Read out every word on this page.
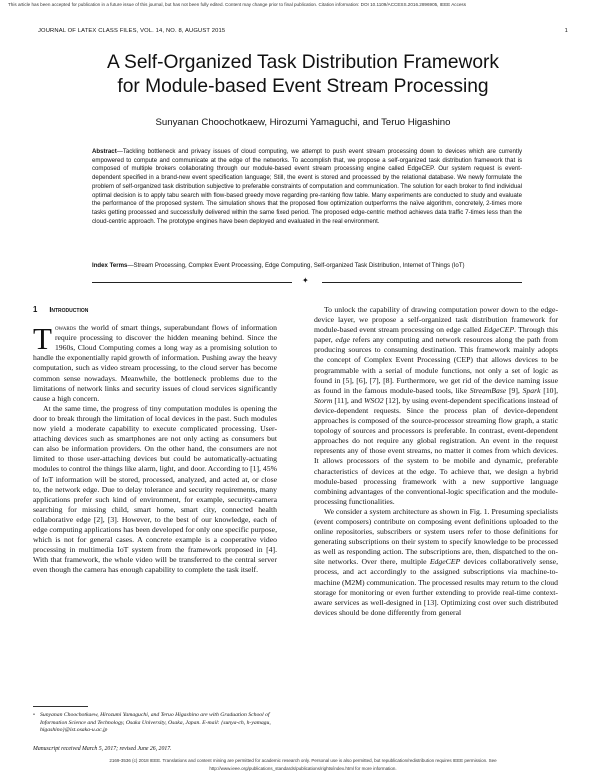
This article has been accepted for publication in a future issue of this journal, but has not been fully edited. Content may change prior to final publication. Citation information: DOI 10.1109/ACCESS.2016.2896905, IEEE Access
JOURNAL OF LATEX CLASS FILES, VOL. 14, NO. 8, AUGUST 2015	1
A Self-Organized Task Distribution Framework
for Module-based Event Stream Processing
Sunyanan Choochotkaew, Hirozumi Yamaguchi, and Teruo Higashino
Abstract—Tackling bottleneck and privacy issues of cloud computing, we attempt to push event stream processing down to devices which are currently empowered to compute and communicate at the edge of the networks. To accomplish that, we propose a self-organized task distribution framework that is composed of multiple brokers collaborating through our module-based event stream processing engine called EdgeCEP. Our system request is event-dependent specified in a brand-new event specification language; Still, the event is stored and processed by the relational database. We newly formulate the problem of self-organized task distribution subjective to preferable constraints of computation and communication. The solution for each broker to find individual optimal decision is to apply tabu search with flow-based greedy move regarding pre-ranking flow table. Many experiments are conducted to study and evaluate the performance of the proposed system. The simulation shows that the proposed flow optimization outperforms the naïve algorithm, concretely, 2-times more tasks getting processed and successfully delivered within the same fixed period. The proposed edge-centric method achieves data traffic 7-times less than the cloud-centric approach. The prototype engines have been deployed and evaluated in the real environment.
Index Terms—Stream Processing, Complex Event Processing, Edge Computing, Self-organized Task Distribution, Internet of Things (IoT)
✦
1 Introduction

Towards the world of smart things, superabundant flows of information require processing to discover the hidden meaning behind. Since the 1960s, Cloud Computing comes a long way as a promising solution to handle the exponentially rapid growth of information. Pushing away the heavy computation, such as video stream processing, to the cloud server has become common sense nowadays. Meanwhile, the bottleneck problems due to the limitations of network links and security issues of cloud services significantly cause a high concern.

At the same time, the progress of tiny computation modules is opening the door to break through the limitation of local devices in the past. Such modules now yield a moderate capability to execute complicated processing. User-attaching devices such as smartphones are not only acting as consumers but can also be information providers. On the other hand, the consumers are not limited to those user-attaching devices but could be automatically-actuating modules to control the things like alarm, light, and door. According to [1], 45% of IoT information will be stored, processed, analyzed, and acted at, or close to, the network edge. Due to delay tolerance and security requirements, many applications prefer such kind of environment, for example, security-camera searching for missing child, smart home, smart city, connected health collaborative edge [2], [3]. However, to the best of our knowledge, each of edge computing applications has been developed for only one specific purpose, which is not for general cases. A concrete example is a cooperative video processing in multimedia IoT system from the framework proposed in [4]. With that framework, the whole video will be transferred to the central server even though the camera has enough capability to complete the task itself.

• Sunyanan Choochotkaew, Hirozumi Yamaguchi, and Teruo Higashino are with Graduation School of Information Science and Technology, Osaka University, Osaka, Japan. E-mail: {sunya-ch, h-yamagu, higashino}@ist.osaka-u.ac.jp
Manuscript received March 5, 2017; revised June 26, 2017.

To unlock the capability of drawing computation power down to the edge-device layer, we propose a self-organized task distribution framework for module-based event stream processing on edge called EdgeCEP. Through this paper, edge refers any computing and network resources along the path from producing sources to consuming destination. This framework mainly adopts the concept of Complex Event Processing (CEP) that allows devices to be programmable with a serial of module functions, not only a set of logic as found in [5], [6], [7], [8]. Furthermore, we get rid of the device naming issue as found in the famous module-based tools, like StreamBase [9], Spark [10], Storm [11], and WSO2 [12], by using event-dependent specifications instead of device-dependent requests. Since the process plan of device-dependent approaches is composed of the source-processor streaming flow graph, a static topology of sources and processors is preferable. In contrast, event-dependent approaches do not require any global registration. An event in the request represents any of those event streams, no matter it comes from which devices. It allows processors of the system to be mobile and dynamic, preferable characteristics of devices at the edge. To achieve that, we design a hybrid module-based processing framework with a new supportive language combining advantages of the conventional-logic specification and the module-processing functionalities.

We consider a system architecture as shown in Fig. 1. Presuming specialists (event composers) contribute on composing event definitions uploaded to the online repositories, subscribers or system users refer to those definitions for generating subscriptions on their system to specify knowledge to be processed as well as responding action. The subscriptions are, then, dispatched to the on-site networks. Over there, multiple EdgeCEP devices collaboratively sense, process, and act accordingly to the assigned subscriptions via machine-to-machine (M2M) communication. The processed results may return to the cloud storage for monitoring or even further extending to provide real-time context-aware services as well-designed in [13]. Optimizing cost over such distributed devices should be done differently from general

2169-3536 (c) 2018 IEEE. Translations and content mining are permitted for academic research only. Personal use is also permitted, but republication/redistribution requires IEEE permission. See
http://www.ieee.org/publications_standards/publications/rights/index.html for more information.
